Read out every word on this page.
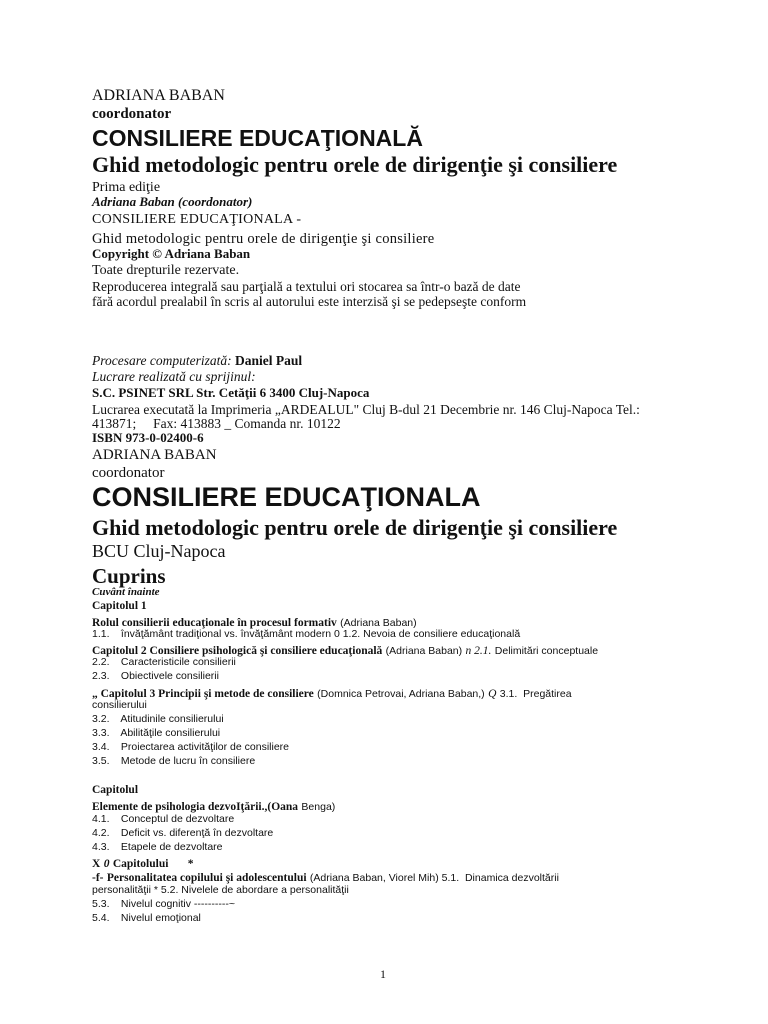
ADRIANA BABAN
coordonator
CONSILIERE EDUCAŢIONALĂ
Ghid metodologic pentru orele de dirigenţie şi consiliere
Prima ediţie
Adriana Baban (coordonator)
CONSILIERE EDUCAŢIONALA -
Ghid metodologic pentru orele de dirigenţie şi consiliere
Copyright © Adriana Baban
Toate drepturile rezervate.
Reproducerea integrală sau parţială a textului ori stocarea sa într-o bază de date
fără acordul prealabil în scris al autorului este interzisă şi se pedepseşte conform
Procesare computerizată: Daniel Paul
Lucrare realizată cu sprijinul:
S.C. PSINET SRL Str. Cetăţii 6 3400 Cluj-Napoca
Lucrarea executată la Imprimeria „ARDEALUL" Cluj B-dul 21 Decembrie nr. 146 Cluj-Napoca Tel.:
413871;     Fax: 413883 _ Comanda nr. 10122
ISBN 973-0-02400-6
ADRIANA BABAN
coordonator
CONSILIERE EDUCAŢIONALA
Ghid metodologic pentru orele de dirigenţie şi consiliere
BCU Cluj-Napoca
Cuprins
Cuvânt înainte
Capitolul 1
Rolul consilierii educaţionale în procesul formativ (Adriana Baban)
1.1. învăţământ tradiţional vs. învăţământ modern 0 1.2. Nevoia de consiliere educaţională
Capitolul 2 Consiliere psihologică şi consiliere educaţională (Adriana Baban) n 2.1. Delimitări conceptuale
2.2. Caracteristicile consilierii
2.3. Obiectivele consilierii
„ Capitolul 3 Principii şi metode de consiliere (Domnica Petrovai, Adriana Baban,) Q 3.1.  Pregătirea
consilierului
3.2. Atitudinile consilierului
3.3. Abilităţile consilierului
3.4. Proiectarea activităţilor de consiliere
3.5. Metode de lucru în consiliere
Capitolul
Elemente de psihologia dezvoIţării.,(Oana Benga)
4.1. Conceptul de dezvoltare
4.2. Deficit vs. diferenţă în dezvoltare
4.3. Etapele de dezvoltare
X 0 Capitolului *
-f- Personalitatea copilului şi adolescentului (Adriana Baban, Viorel Mih) 5.1.  Dinamica dezvoltării
personalităţii * 5.2. Nivelele de abordare a personalităţii
5.3. Nivelul cognitiv ----------~
5.4. Nivelul emoţional
1
